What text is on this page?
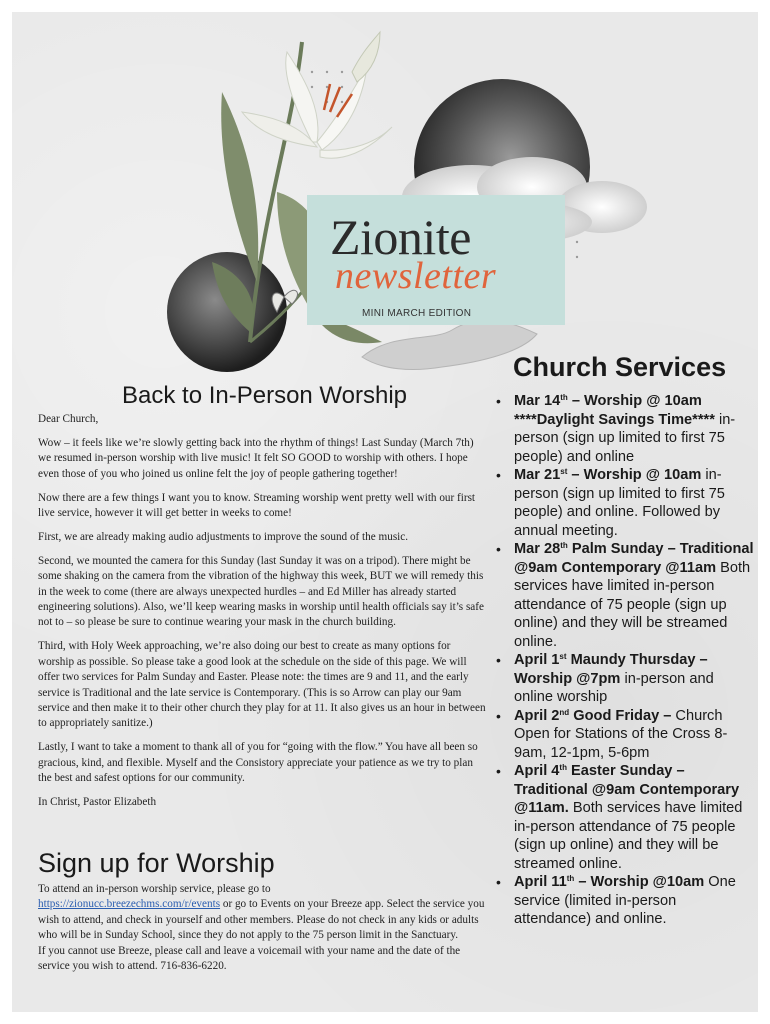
Zionite
newsletter
MINI MARCH EDITION
Back to In-Person Worship

Dear Church,

Wow – it feels like we’re slowly getting back into the rhythm of things! Last Sunday (March 7th) we resumed in-person worship with live music! It felt SO GOOD to worship with others. I hope even those of you who joined us online felt the joy of people gathering together!

Now there are a few things I want you to know. Streaming worship went pretty well with our first live service, however it will get better in weeks to come!

First, we are already making audio adjustments to improve the sound of the music.

Second, we mounted the camera for this Sunday (last Sunday it was on a tripod). There might be some shaking on the camera from the vibration of the highway this week, BUT we will remedy this in the week to come (there are always unexpected hurdles – and Ed Miller has already started engineering solutions). Also, we’ll keep wearing masks in worship until health officials say it’s safe not to – so please be sure to continue wearing your mask in the church building.

Third, with Holy Week approaching, we’re also doing our best to create as many options for worship as possible. So please take a good look at the schedule on the side of this page. We will offer two services for Palm Sunday and Easter. Please note: the times are 9 and 11, and the early service is Traditional and the late service is Contemporary. (This is so Arrow can play our 9am service and then make it to their other church they play for at 11. It also gives us an hour in between to appropriately sanitize.)

Lastly, I want to take a moment to thank all of you for “going with the flow.” You have all been so gracious, kind, and flexible. Myself and the Consistory appreciate your patience as we try to plan the best and safest options for our community.

In Christ, Pastor Elizabeth

Sign up for Worship

To attend an in-person worship service, please go to
https://zionucc.breezechms.com/r/events or go to Events on your Breeze app. Select the service you wish to attend, and check in yourself and other members. Please do not check in any kids or adults who will be in Sunday School, since they do not apply to the 75 person limit in the Sanctuary.

If you cannot use Breeze, please call and leave a voicemail with your name and the date of the service you wish to attend. 716-836-6220.

Church Services
• Mar 14th – Worship @ 10am ****Daylight Savings Time**** in-person (sign up limited to first 75 people) and online
• Mar 21st – Worship @ 10am in-person (sign up limited to first 75 people) and online. Followed by annual meeting.
• Mar 28th Palm Sunday – Traditional @9am Contemporary @11am Both services have limited in-person attendance of 75 people (sign up online) and they will be streamed online.
• April 1st Maundy Thursday – Worship @7pm in-person and online worship
• April 2nd Good Friday – Church Open for Stations of the Cross 8-9am, 12-1pm, 5-6pm
• April 4th Easter Sunday – Traditional @9am Contemporary @11am. Both services have limited in-person attendance of 75 people (sign up online) and they will be streamed online.
• April 11th – Worship @10am One service (limited in-person attendance) and online.
